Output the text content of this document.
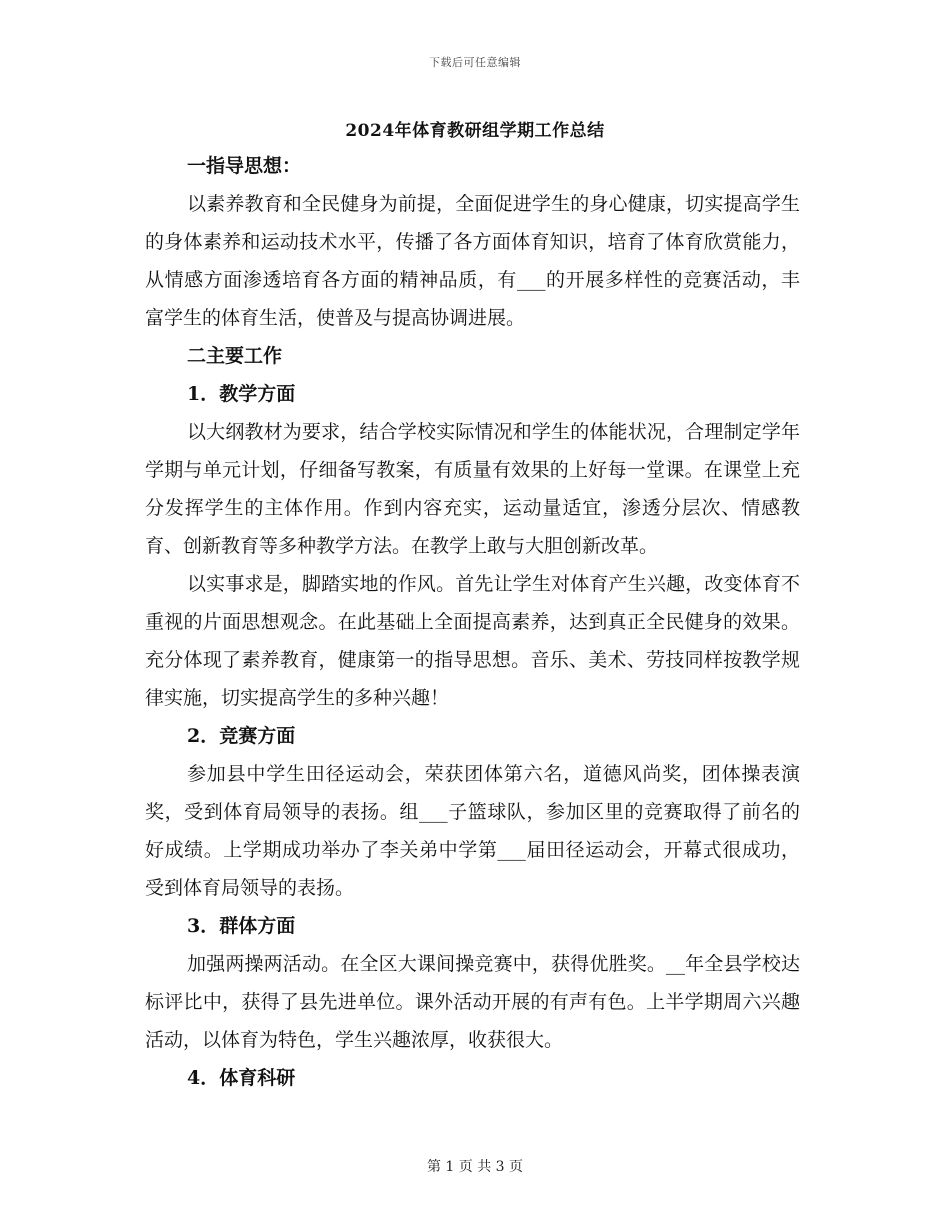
下载后可任意编辑
2024年体育教研组学期工作总结
一指导思想：

以素养教育和全民健身为前提，全面促进学生的身心健康，切实提高学生的身体素养和运动技术水平，传播了各方面体育知识，培育了体育欣赏能力，从情感方面渗透培育各方面的精神品质，有___的开展多样性的竞赛活动，丰富学生的体育生活，使普及与提高协调进展。

二主要工作
1．教学方面

以大纲教材为要求，结合学校实际情况和学生的体能状况，合理制定学年学期与单元计划，仔细备写教案，有质量有效果的上好每一堂课。在课堂上充分发挥学生的主体作用。作到内容充实，运动量适宜，渗透分层次、情感教育、创新教育等多种教学方法。在教学上敢与大胆创新改革。

以实事求是，脚踏实地的作风。首先让学生对体育产生兴趣，改变体育不重视的片面思想观念。在此基础上全面提高素养，达到真正全民健身的效果。充分体现了素养教育，健康第一的指导思想。音乐、美术、劳技同样按教学规律实施，切实提高学生的多种兴趣！

2．竞赛方面

参加县中学生田径运动会，荣获团体第六名，道德风尚奖，团体操表演奖，受到体育局领导的表扬。组___子篮球队，参加区里的竞赛取得了前名的好成绩。上学期成功举办了李关弟中学第___届田径运动会，开幕式很成功，受到体育局领导的表扬。

3．群体方面

加强两操两活动。在全区大课间操竞赛中，获得优胜奖。__年全县学校达标评比中，获得了县先进单位。课外活动开展的有声有色。上半学期周六兴趣活动，以体育为特色，学生兴趣浓厚，收获很大。

4．体育科研
第 1 页 共 3 页
